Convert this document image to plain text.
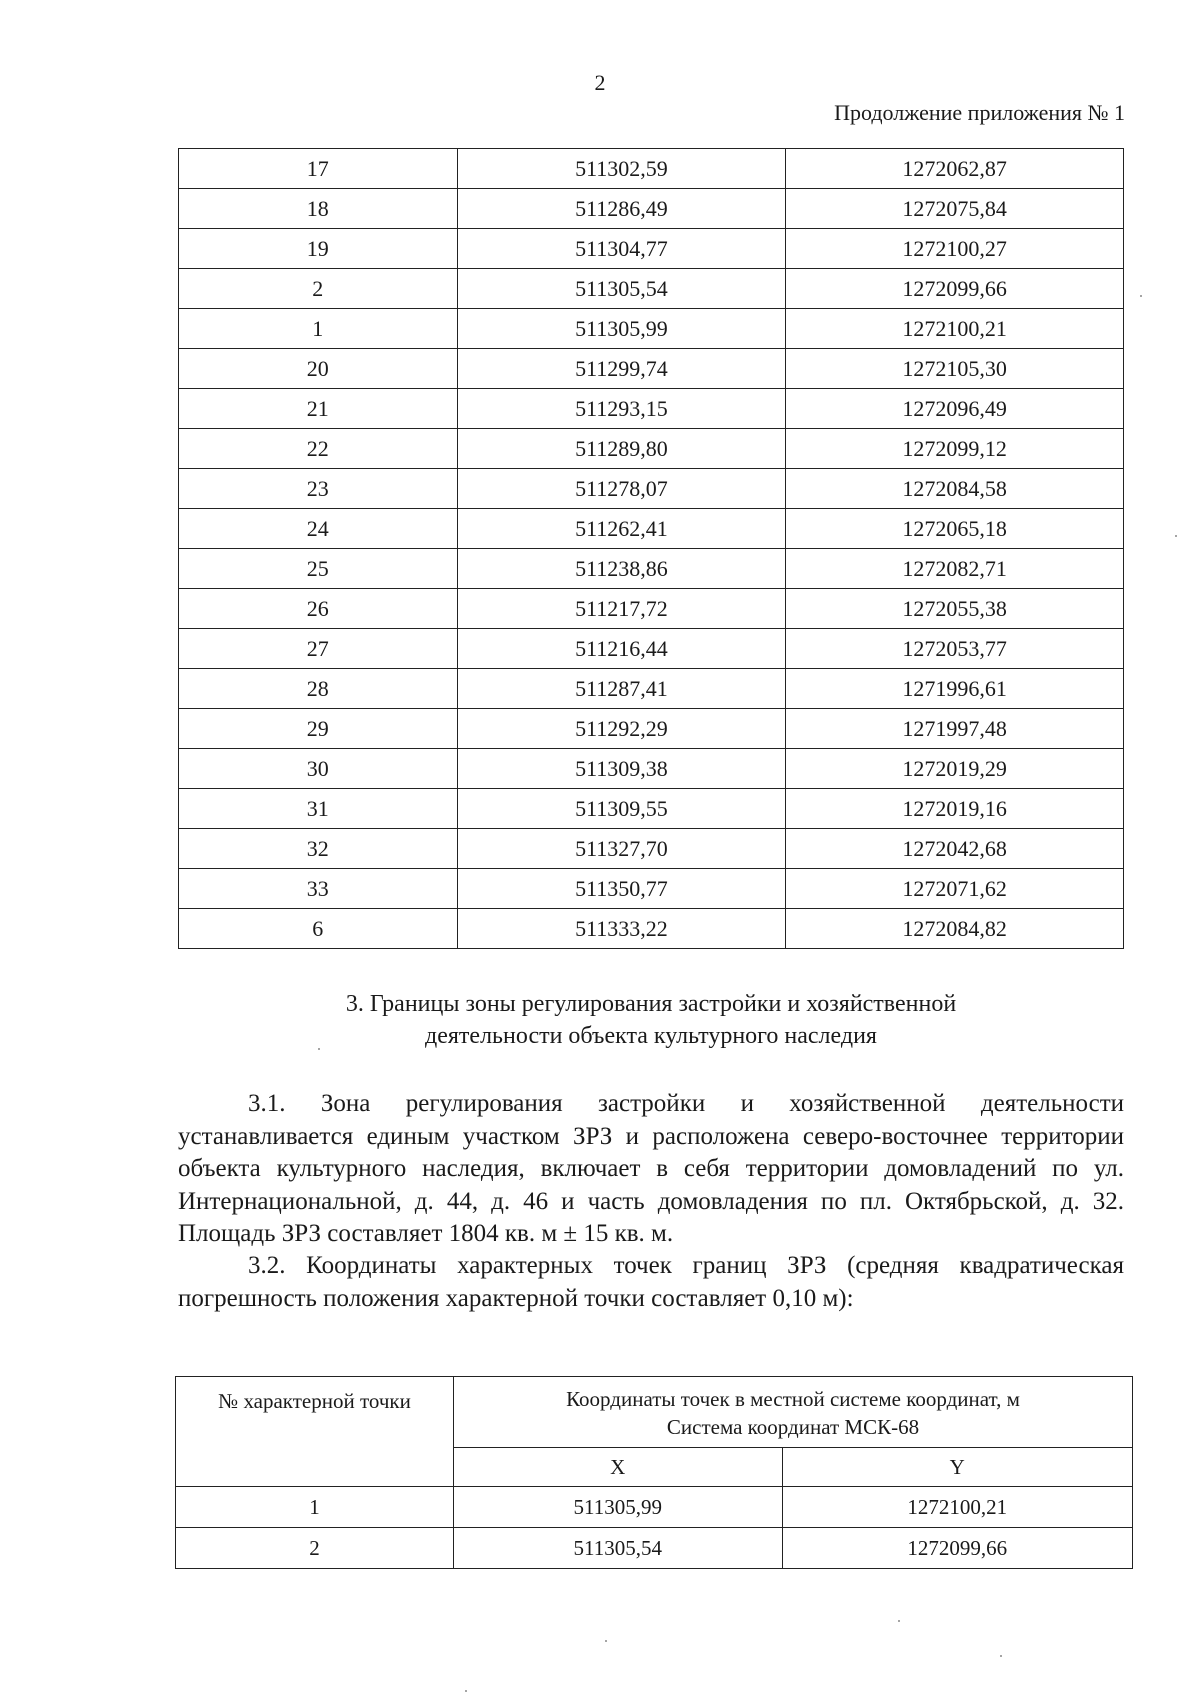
2
Продолжение приложения № 1
17	511302,59	1272062,87
18	511286,49	1272075,84
19	511304,77	1272100,27
2	511305,54	1272099,66
1	511305,99	1272100,21
20	511299,74	1272105,30
21	511293,15	1272096,49
22	511289,80	1272099,12
23	511278,07	1272084,58
24	511262,41	1272065,18
25	511238,86	1272082,71
26	511217,72	1272055,38
27	511216,44	1272053,77
28	511287,41	1271996,61
29	511292,29	1271997,48
30	511309,38	1272019,29
31	511309,55	1272019,16
32	511327,70	1272042,68
33	511350,77	1272071,62
6	511333,22	1272084,82
3. Границы зоны регулирования застройки и хозяйственной
деятельности объекта культурного наследия
3.1. Зона регулирования застройки и хозяйственной деятельности устанавливается единым участком ЗРЗ и расположена северо-восточнее территории объекта культурного наследия, включает в себя территории домовладений по ул. Интернациональной, д. 44, д. 46 и часть домовладения по пл. Октябрьской, д. 32. Площадь ЗРЗ составляет 1804 кв. м ± 15 кв. м.
3.2. Координаты характерных точек границ ЗРЗ (средняя квадратическая погрешность положения характерной точки составляет 0,10 м):
№ характерной точки	Координаты точек в местной системе координат, м
Система координат МСК-68	

	X	Y
1	511305,99	1272100,21
2	511305,54	1272099,66
